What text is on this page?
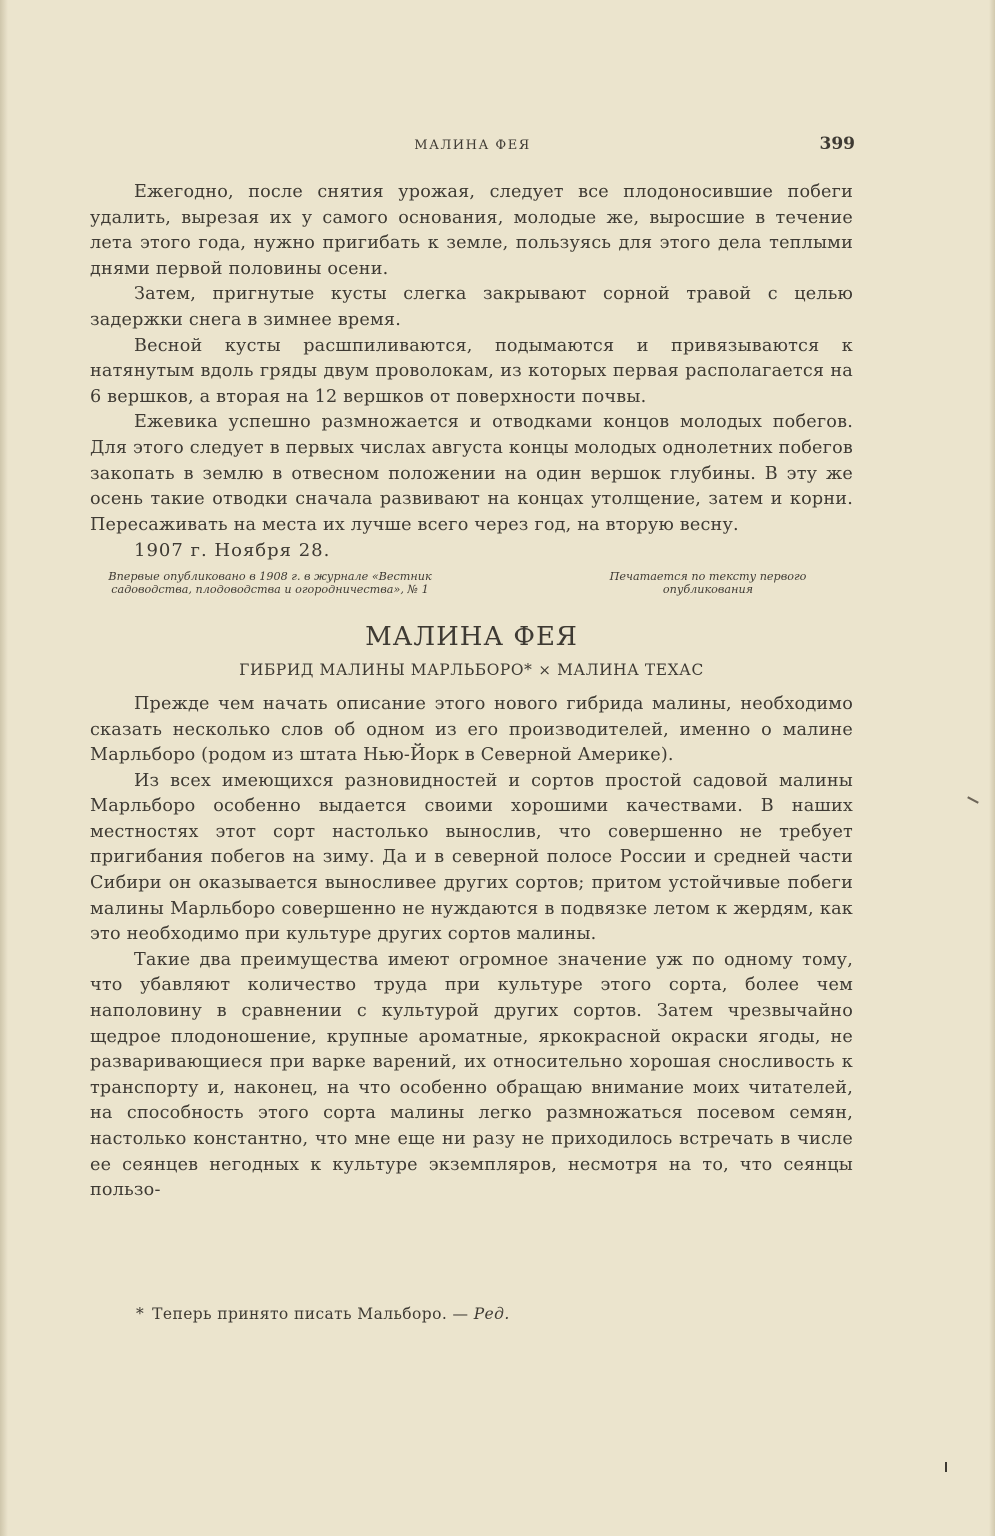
МАЛИНА ФЕЯ	399

Ежегодно, после снятия урожая, следует все плодоносившие побеги удалить, вырезая их у самого основания, молодые же, выросшие в течение лета этого года, нужно пригибать к земле, пользуясь для этого дела теплыми днями первой половины осени.

Затем, пригнутые кусты слегка закрывают сорной травой с целью задержки снега в зимнее время.

Весной кусты расшпиливаются, подымаются и привязываются к натянутым вдоль гряды двум проволокам, из которых первая располагается на 6 вершков, а вторая на 12 вершков от поверхности почвы.

Ежевика успешно размножается и отводками концов молодых побегов. Для этого следует в первых числах августа концы молодых однолетних побегов закопать в землю в отвесном положении на один вершок глубины. В эту же осень такие отводки сначала развивают на концах утолщение, затем и корни. Пересаживать на места их лучше всего через год, на вторую весну.

1907 г. Ноября 28.

Впервые опубликовано в 1908 г. в журнале «Вестник садоводства, плодоводства и огородничества», № 1

Печатается по тексту первого опубликования

МАЛИНА ФЕЯ
ГИБРИД МАЛИНЫ МАРЛЬБОРО* × МАЛИНА ТЕХАС

Прежде чем начать описание этого нового гибрида малины, необходимо сказать несколько слов об одном из его производителей, именно о малине Марльборо (родом из штата Нью-Йорк в Северной Америке).

Из всех имеющихся разновидностей и сортов простой садовой малины Марльборо особенно выдается своими хорошими качествами. В наших местностях этот сорт настолько вынослив, что совершенно не требует пригибания побегов на зиму. Да и в северной полосе России и средней части Сибири он оказывается выносливее других сортов; притом устойчивые побеги малины Марльборо совершенно не нуждаются в подвязке летом к жердям, как это необходимо при культуре других сортов малины.

Такие два преимущества имеют огромное значение уж по одному тому, что убавляют количество труда при культуре этого сорта, более чем наполовину в сравнении с культурой других сортов. Затем чрезвычайно щедрое плодоношение, крупные ароматные, яркокрасной окраски ягоды, не разваривающиеся при варке варений, их относительно хорошая сносливость к транспорту и, наконец, на что особенно обращаю внимание моих читателей, на способность этого сорта малины легко размножаться посевом семян, настолько константно, что мне еще ни разу не приходилось встречать в числе ее сеянцев негодных к культуре экземпляров, несмотря на то, что сеянцы пользо-

* Теперь принято писать Мальборо. — Ред.
